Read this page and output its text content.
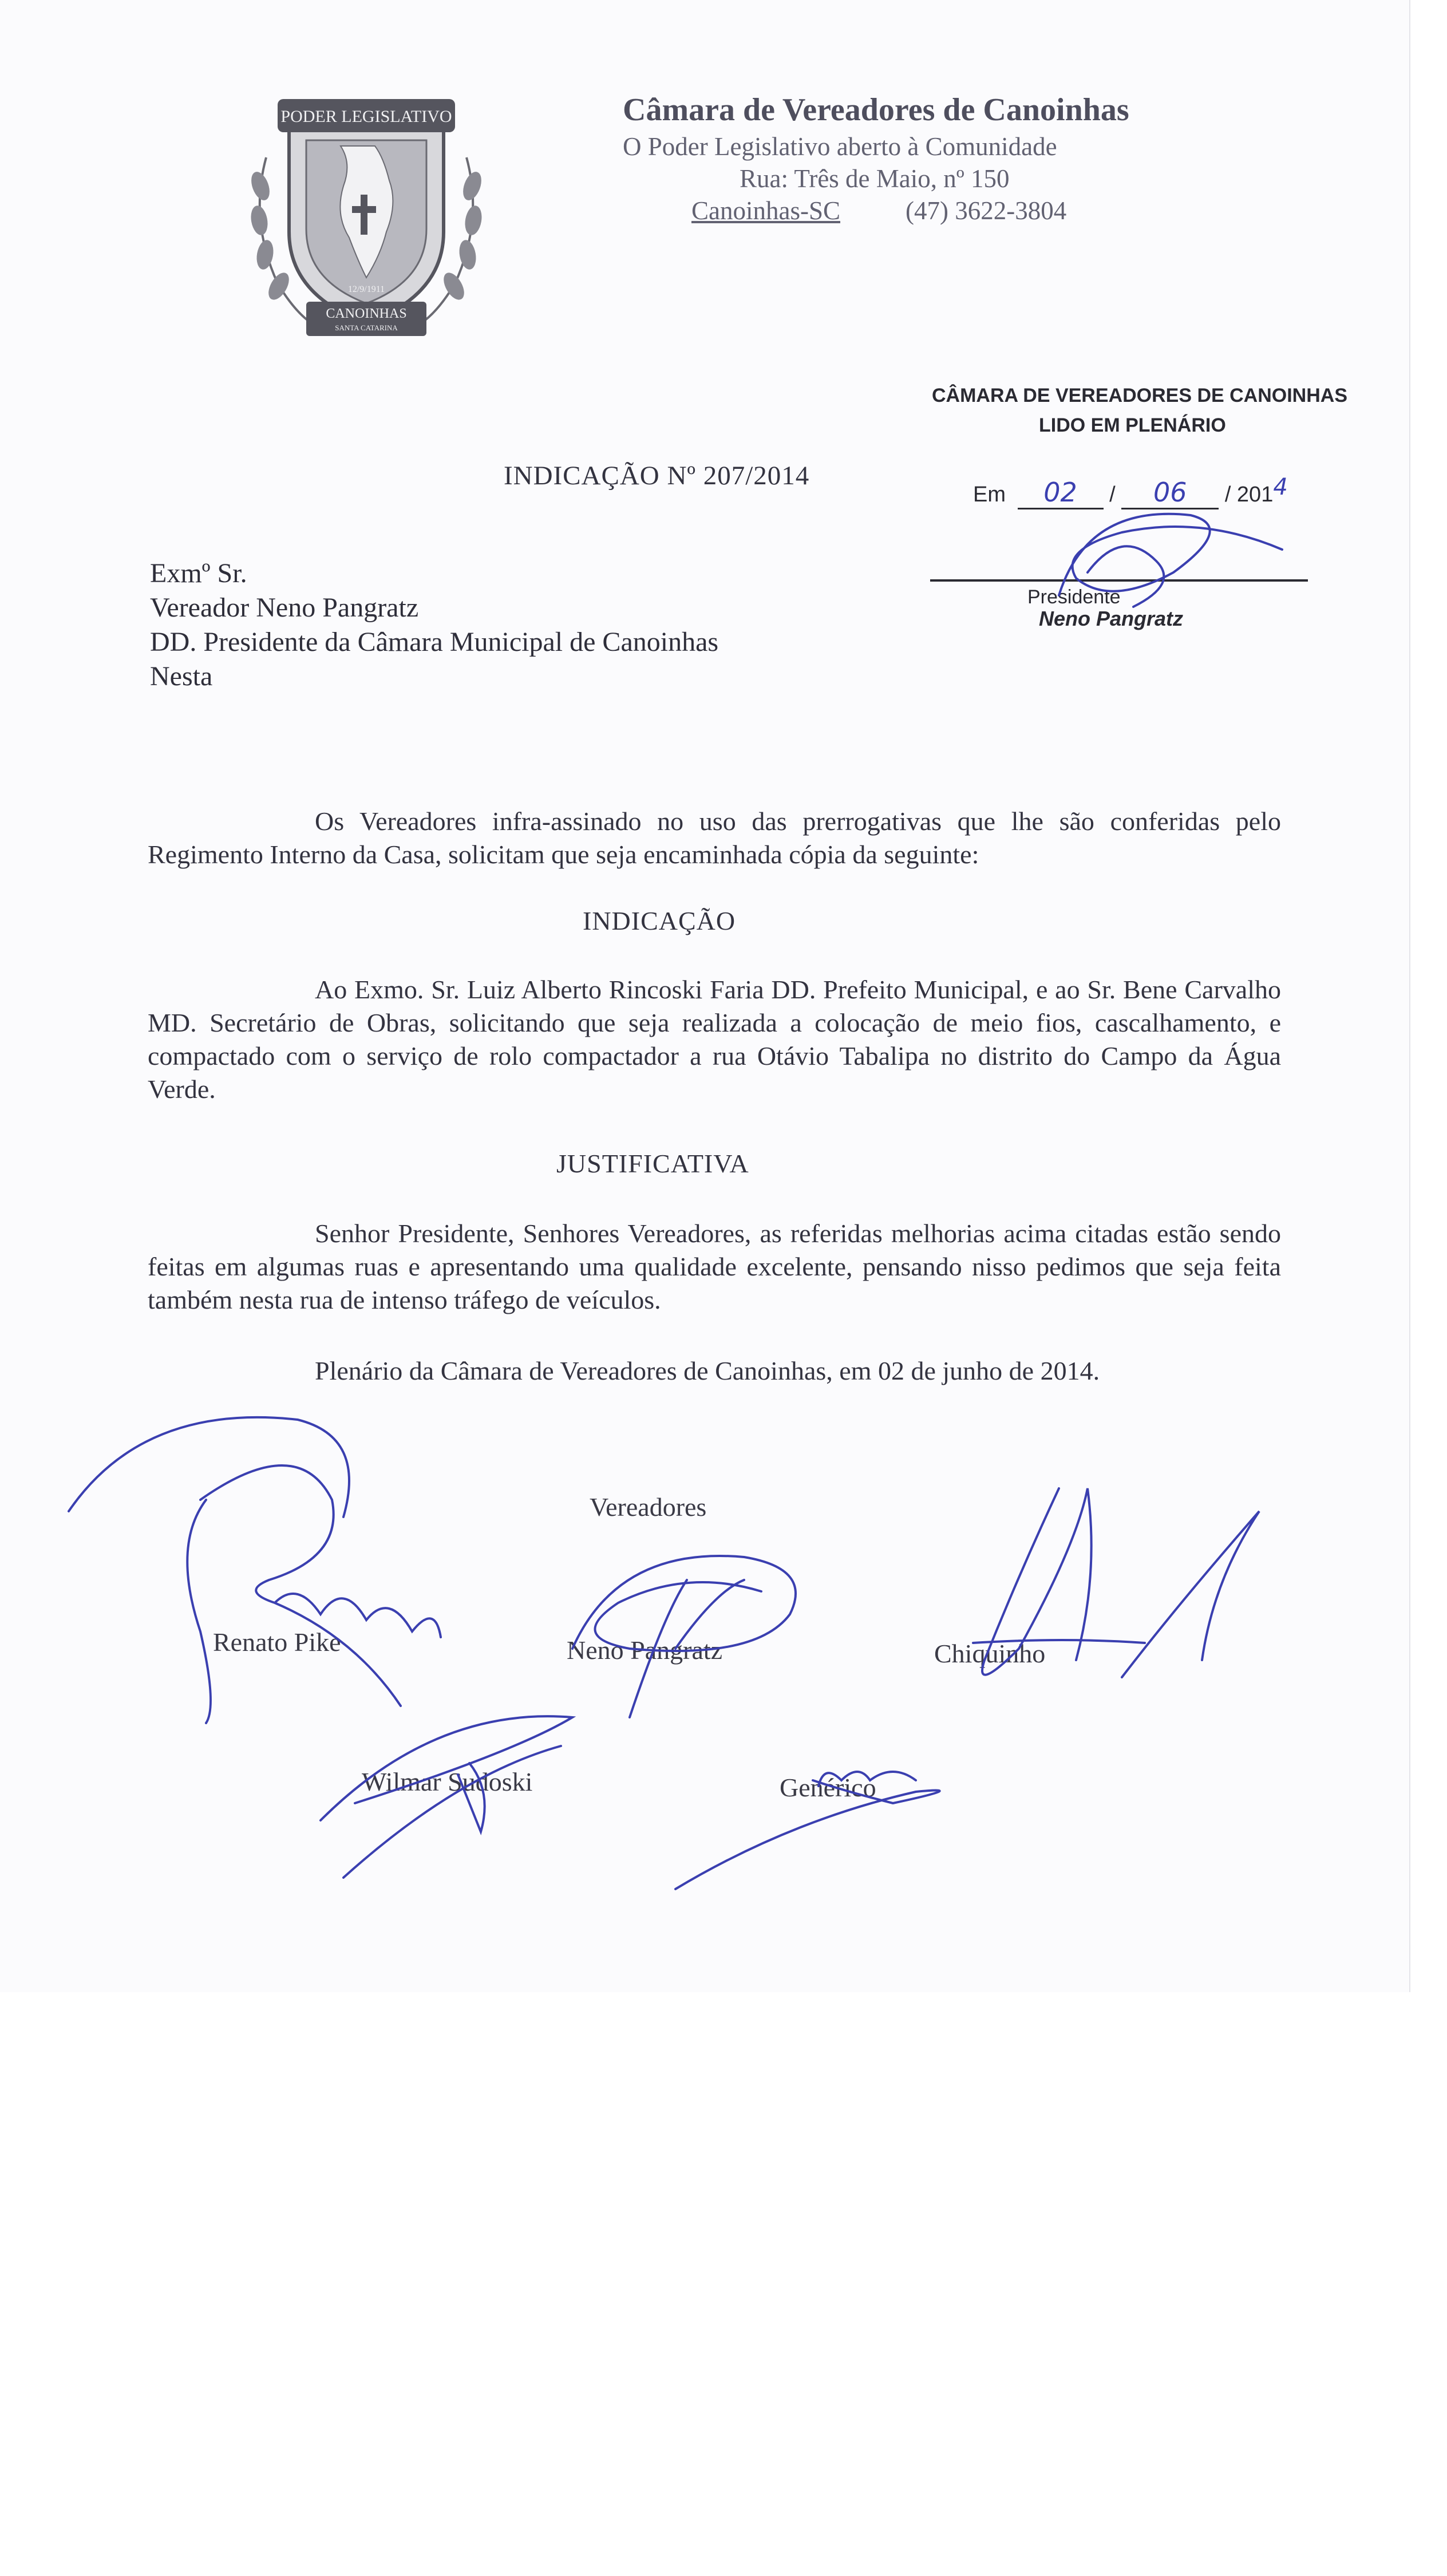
PODER LEGISLATIVO
12/9/1911
CANOINHAS
SANTA CATARINA
Câmara de Vereadores de Canoinhas
O Poder Legislativo aberto à Comunidade
Rua: Três de Maio, nº 150
Canoinhas-SC	(47) 3622-3804
CÂMARA DE VEREADORES DE CANOINHAS
LIDO EM PLENÁRIO
Em 02 / 06 / 2014
Presidente
Neno Pangratz
INDICAÇÃO Nº 207/2014
Exmº Sr.
Vereador Neno Pangratz
DD. Presidente da Câmara Municipal de Canoinhas
Nesta
Os Vereadores infra-assinado no uso das prerrogativas que lhe são conferidas pelo Regimento Interno da Casa, solicitam que seja encaminhada cópia da seguinte:
INDICAÇÃO
Ao Exmo. Sr. Luiz Alberto Rincoski Faria DD. Prefeito Municipal, e ao Sr. Bene Carvalho MD. Secretário de Obras, solicitando que seja realizada a colocação de meio fios, cascalhamento, e compactado com o serviço de rolo compactador a rua Otávio Tabalipa no distrito do Campo da Água Verde.
JUSTIFICATIVA
Senhor Presidente, Senhores Vereadores, as referidas melhorias acima citadas estão sendo feitas em algumas ruas e apresentando uma qualidade excelente, pensando nisso pedimos que seja feita também nesta rua de intenso tráfego de veículos.
Plenário da Câmara de Vereadores de Canoinhas, em 02 de junho de 2014.
Vereadores
Renato Pike	Neno Pangratz	Chiquinho
Wilmar Sudoski	Genérico
